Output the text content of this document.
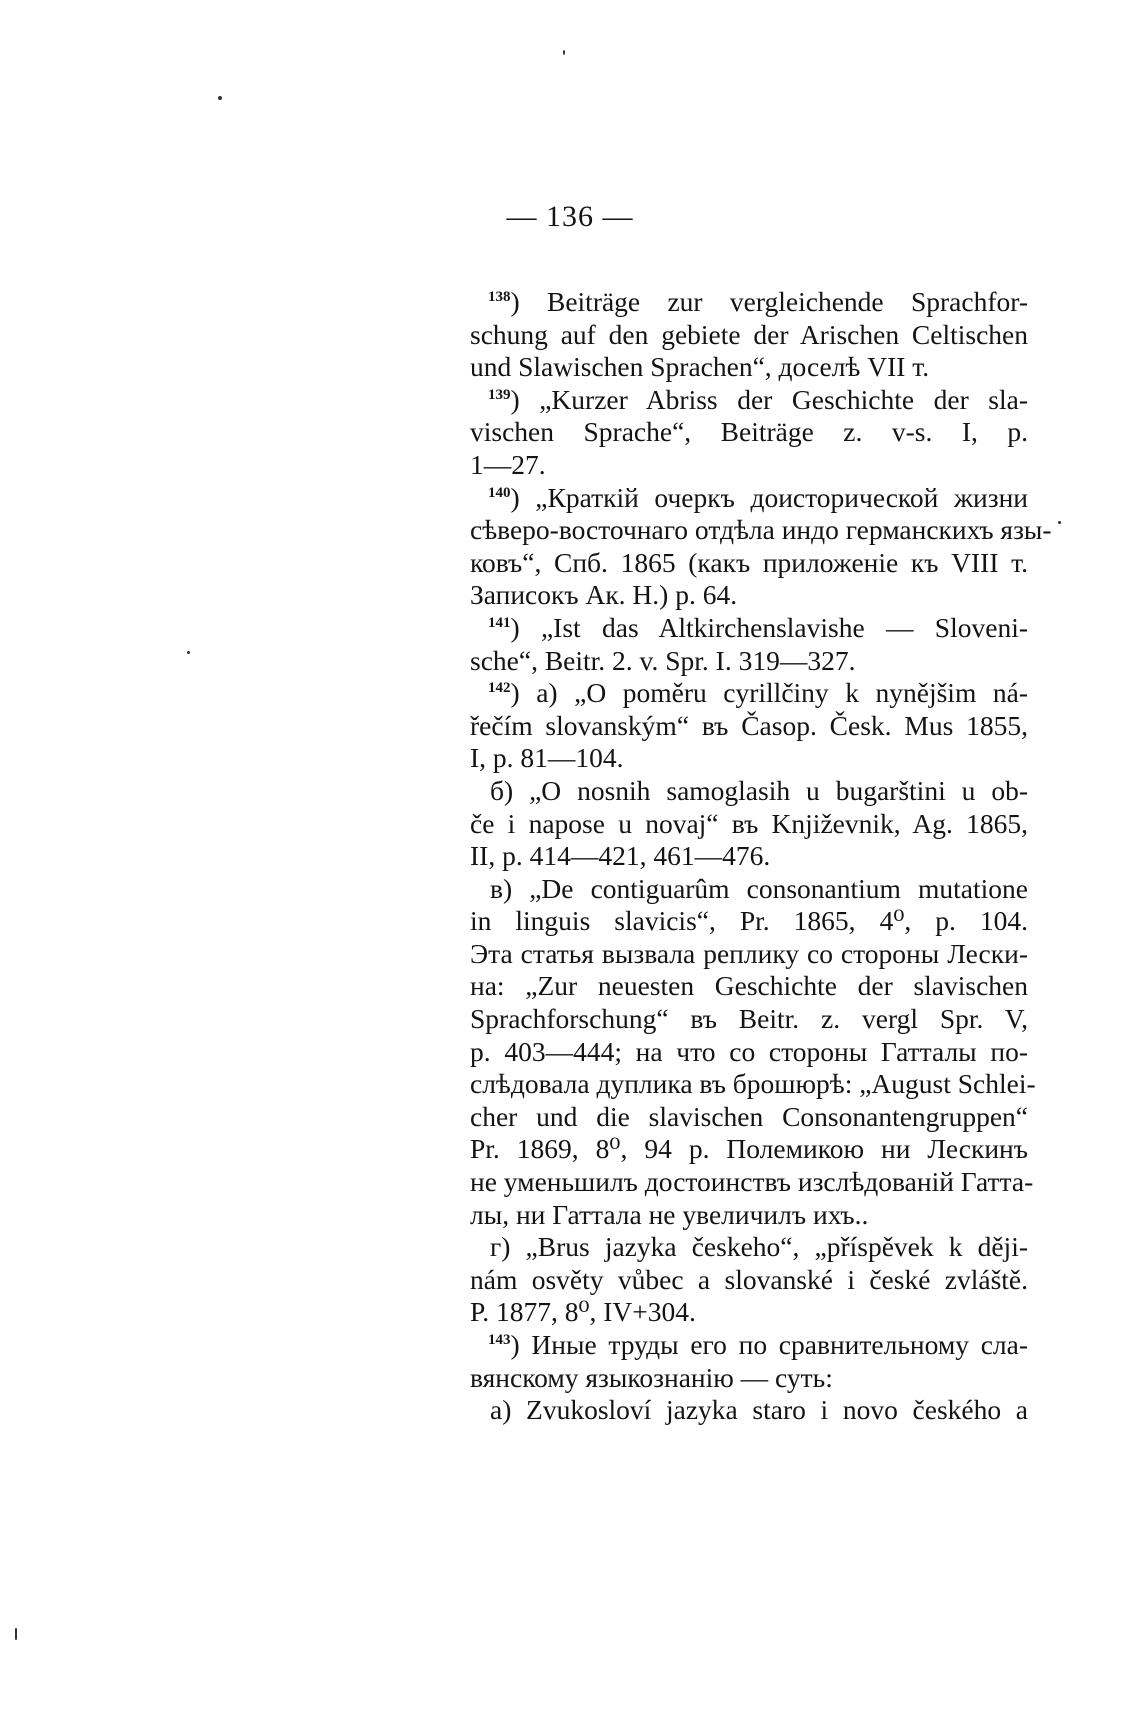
— 136 —
$^{138}$) Beiträge zur vergleichende Sprachfor-
schung auf den gebiete der Arischen Celtischen
und Slawischen Sprachen“, доселѣ VII т.
$^{139}$) „Kurzer Abriss der Geschichte der sla-
vischen Sprache“, Beiträge z. v-s. I, p.
1—27.
$^{140}$) „Краткій очеркъ доисторической жизни
сѣверо-восточнаго отдѣла индо германскихъ язы-
ковъ“, Спб. 1865 (какъ приложеніе къ VIII т.
Записокъ Ак. Н.) р. 64.
$^{141}$) „Ist das Altkirchenslavishe — Sloveni-
sche“, Beitr. 2. v. Spr. I. 319—327.
$^{142}$) а) „O poměru cyrillčiny k nynějšim ná-
řečím slovanským“ въ Časop. Česk. Mus 1855,
I, p. 81—104.
б) „O nosnih samoglasih u bugarštini u ob-
če i napose u novaj“ въ Književnik, Ag. 1865,
II, p. 414—421, 461—476.
в) „De contiguarûm consonantium mutatione
in linguis slavicis“, Pr. 1865, 4⁰, p. 104.
Эта статья вызвала реплику со стороны Лески-
на: „Zur neuesten Geschichte der slavischen
Sprachforschung“ въ Beitr. z. vergl Spr. V,
p. 403—444; на что со стороны Гатталы по-
слѣдовала дуплика въ брошюрѣ: „August Schlei-
cher und die slavischen Consonantengruppen“
Pr. 1869, 8⁰, 94 р. Полемикою ни Лескинъ
не уменьшилъ достоинствъ изслѣдованій Гатта-
лы, ни Гаттала не увеличилъ ихъ..
г) „Brus jazyka českeho“, „příspěvek k ději-
nám osvěty vůbec a slovanské i české zvláště.
P. 1877, 8⁰, IV+304.
$^{143}$) Иные труды его по сравнительному сла-
вянскому языкознанію — суть:
а) Zvukosloví jazyka staro i novo českého a
